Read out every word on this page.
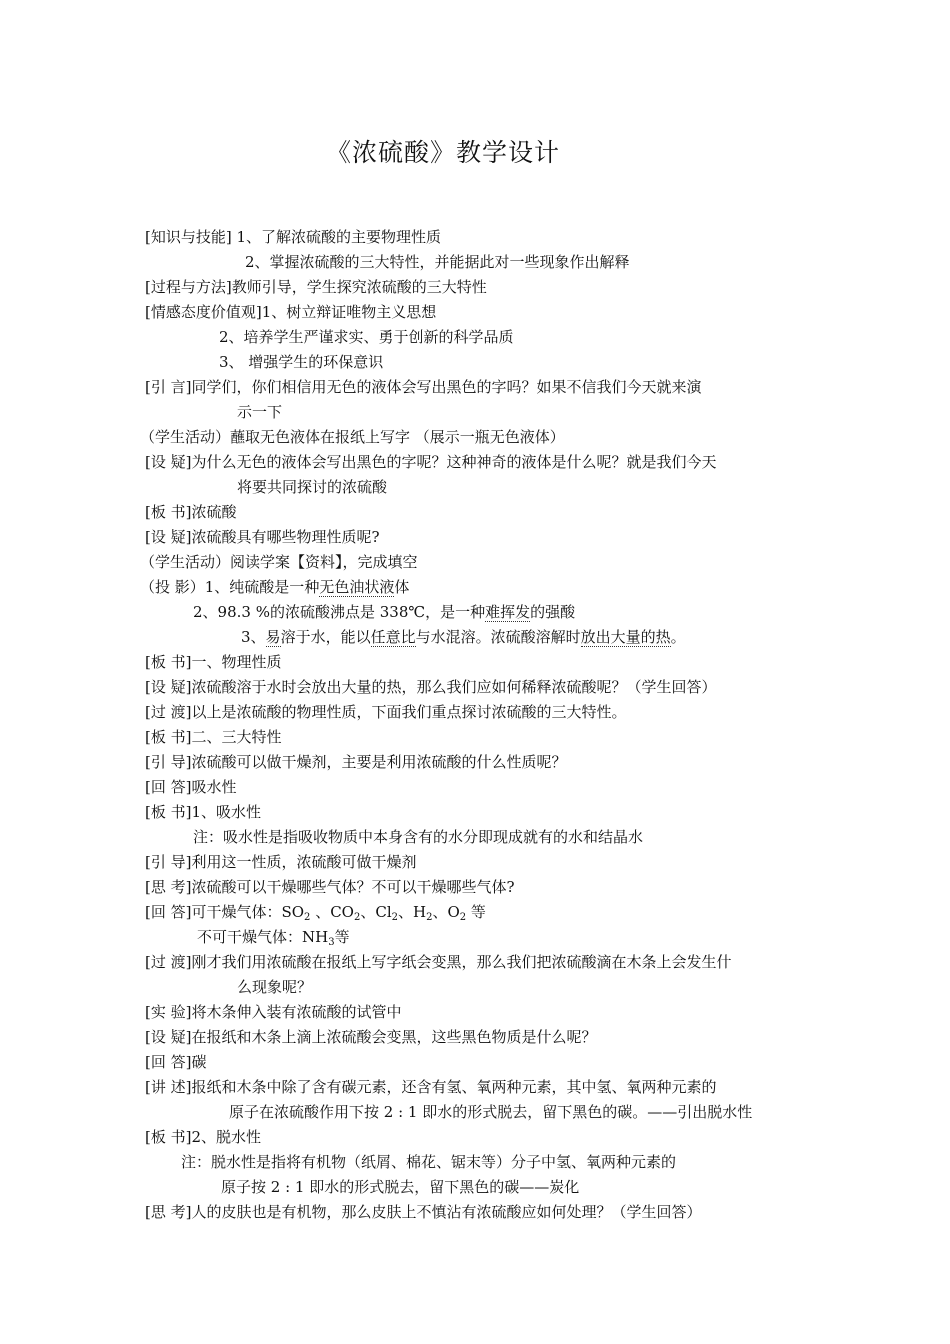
《浓硫酸》教学设计
[知识与技能] 1、了解浓硫酸的主要物理性质
2、掌握浓硫酸的三大特性，并能据此对一些现象作出解释
[过程与方法]教师引导，学生探究浓硫酸的三大特性
[情感态度价值观]1、树立辩证唯物主义思想
2、培养学生严谨求实、勇于创新的科学品质
3、 增强学生的环保意识
[引 言]同学们，你们相信用无色的液体会写出黑色的字吗？如果不信我们今天就来演
示一下
（学生活动）蘸取无色液体在报纸上写字 （展示一瓶无色液体）
[设 疑]为什么无色的液体会写出黑色的字呢？这种神奇的液体是什么呢？就是我们今天
将要共同探讨的浓硫酸
[板 书]浓硫酸
[设 疑]浓硫酸具有哪些物理性质呢?
（学生活动）阅读学案【资料】，完成填空
（投 影）1、纯硫酸是一种无色油状液体
2、98.3 %的浓硫酸沸点是 338℃，是一种难挥发的强酸
3、易溶于水，能以任意比与水混溶。浓硫酸溶解时放出大量的热。
[板 书]一、物理性质
[设 疑]浓硫酸溶于水时会放出大量的热，那么我们应如何稀释浓硫酸呢？（学生回答）
[过 渡]以上是浓硫酸的物理性质，下面我们重点探讨浓硫酸的三大特性。
[板 书]二、三大特性
[引 导]浓硫酸可以做干燥剂，主要是利用浓硫酸的什么性质呢？
[回 答]吸水性
[板 书]1、吸水性
注：吸水性是指吸收物质中本身含有的水分即现成就有的水和结晶水
[引 导]利用这一性质，浓硫酸可做干燥剂
[思 考]浓硫酸可以干燥哪些气体？不可以干燥哪些气体?
[回 答]可干燥气体：$SO_2$ 、$CO_2$、$Cl_2$、$H_2$、$O_2$ 等
不可干燥气体：$NH_3$等
[过 渡]刚才我们用浓硫酸在报纸上写字纸会变黑，那么我们把浓硫酸滴在木条上会发生什
么现象呢？
[实 验]将木条伸入装有浓硫酸的试管中
[设 疑]在报纸和木条上滴上浓硫酸会变黑，这些黑色物质是什么呢？
[回 答]碳
[讲 述]报纸和木条中除了含有碳元素，还含有氢、氧两种元素，其中氢、氧两种元素的
原子在浓硫酸作用下按 2 : 1 即水的形式脱去，留下黑色的碳。——引出脱水性
[板 书]2、脱水性
注：脱水性是指将有机物（纸屑、棉花、锯末等）分子中氢、氧两种元素的
原子按 2 : 1 即水的形式脱去，留下黑色的碳——炭化
[思 考]人的皮肤也是有机物，那么皮肤上不慎沾有浓硫酸应如何处理？（学生回答）
